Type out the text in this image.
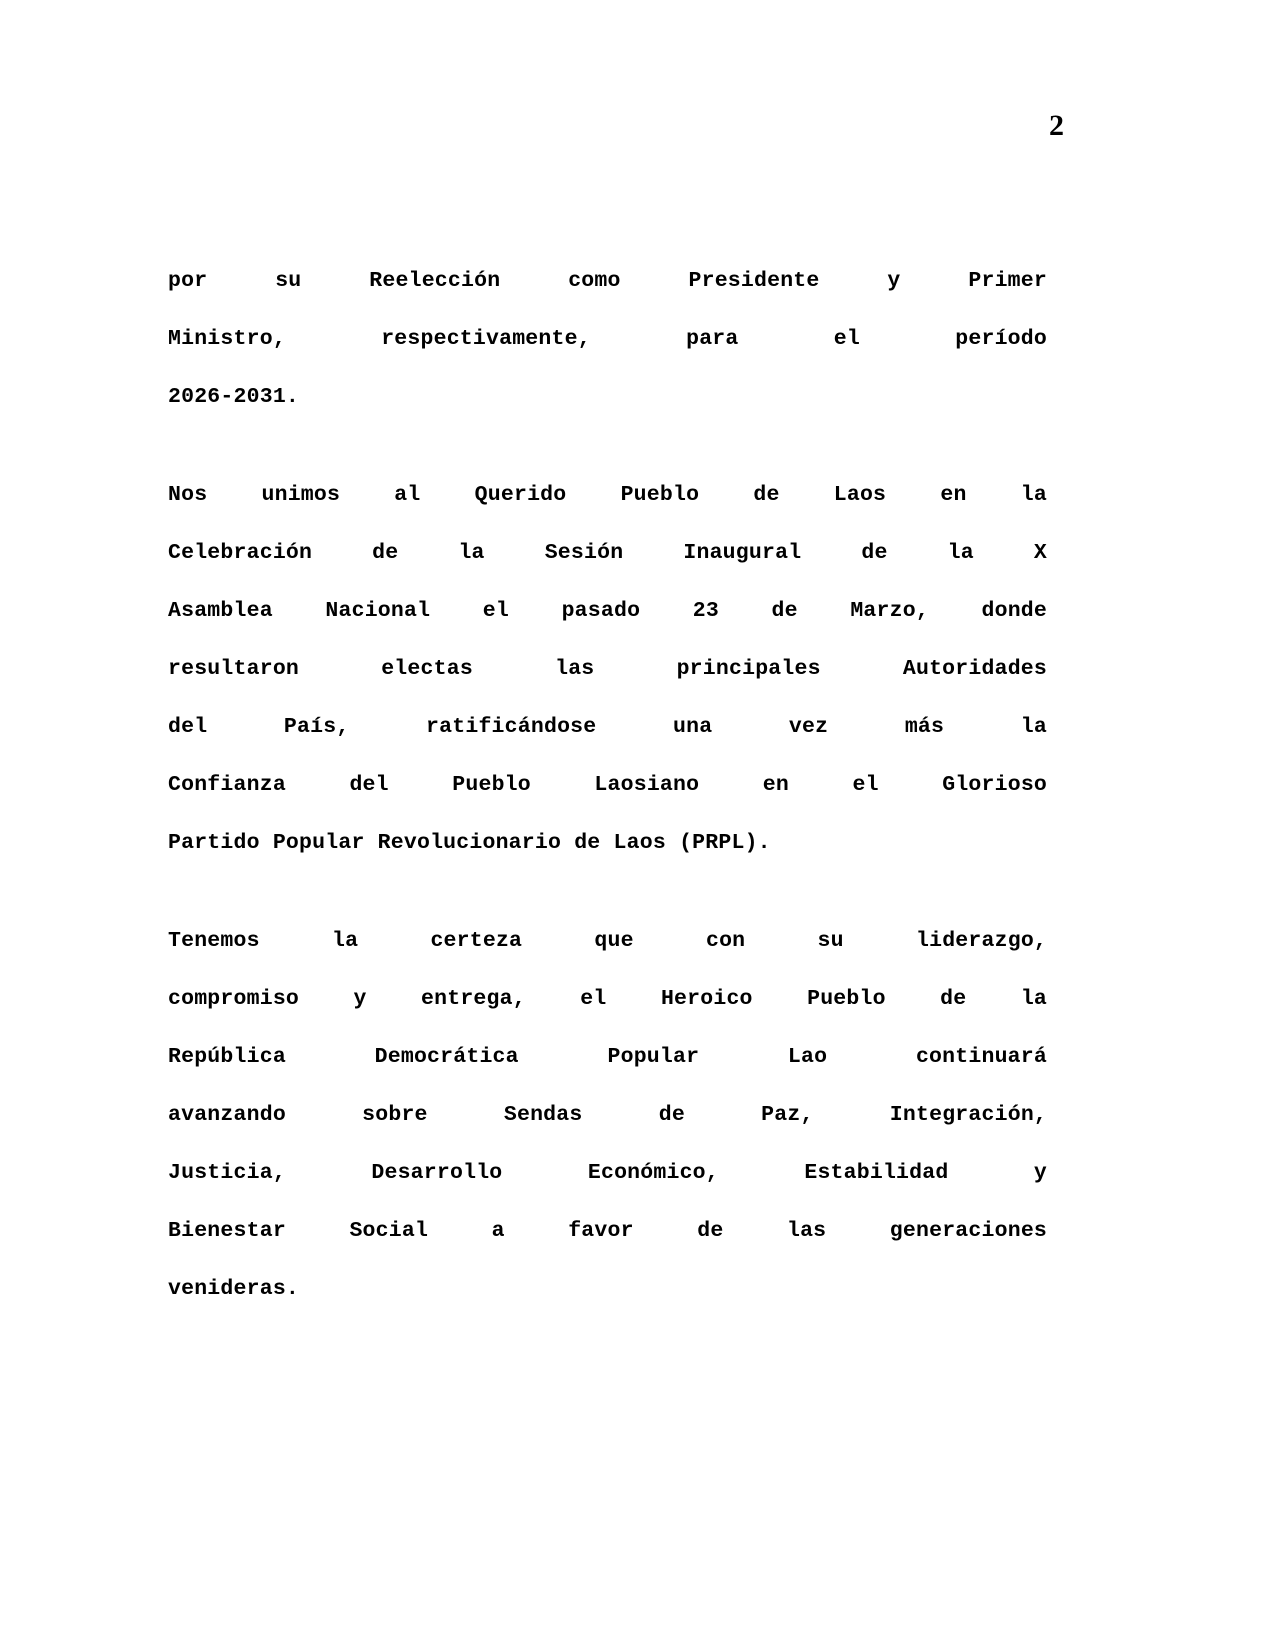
2

por	su	Reelección	como	Presidente	y	Primer
Ministro,	respectivamente,	para	el	período
2026-2031.

Nos	unimos	al	Querido	Pueblo	de	Laos	en	la
Celebración	de	la	Sesión	Inaugural	de	la	X
Asamblea Nacional el pasado 23 de Marzo, donde
resultaron	electas	las	principales	Autoridades
del	País,	ratificándose	una	vez	más	la
Confianza	del	Pueblo	Laosiano	en	el	Glorioso
Partido Popular Revolucionario de Laos (PRPL).

Tenemos	la	certeza	que	con	su	liderazgo,
compromiso	y	entrega,	el	Heroico	Pueblo	de	la
República	Democrática	Popular	Lao	continuará
avanzando	sobre	Sendas	de	Paz,	Integración,
Justicia,	Desarrollo	Económico,	Estabilidad	y
Bienestar	Social	a	favor	de	las	generaciones
venideras.
